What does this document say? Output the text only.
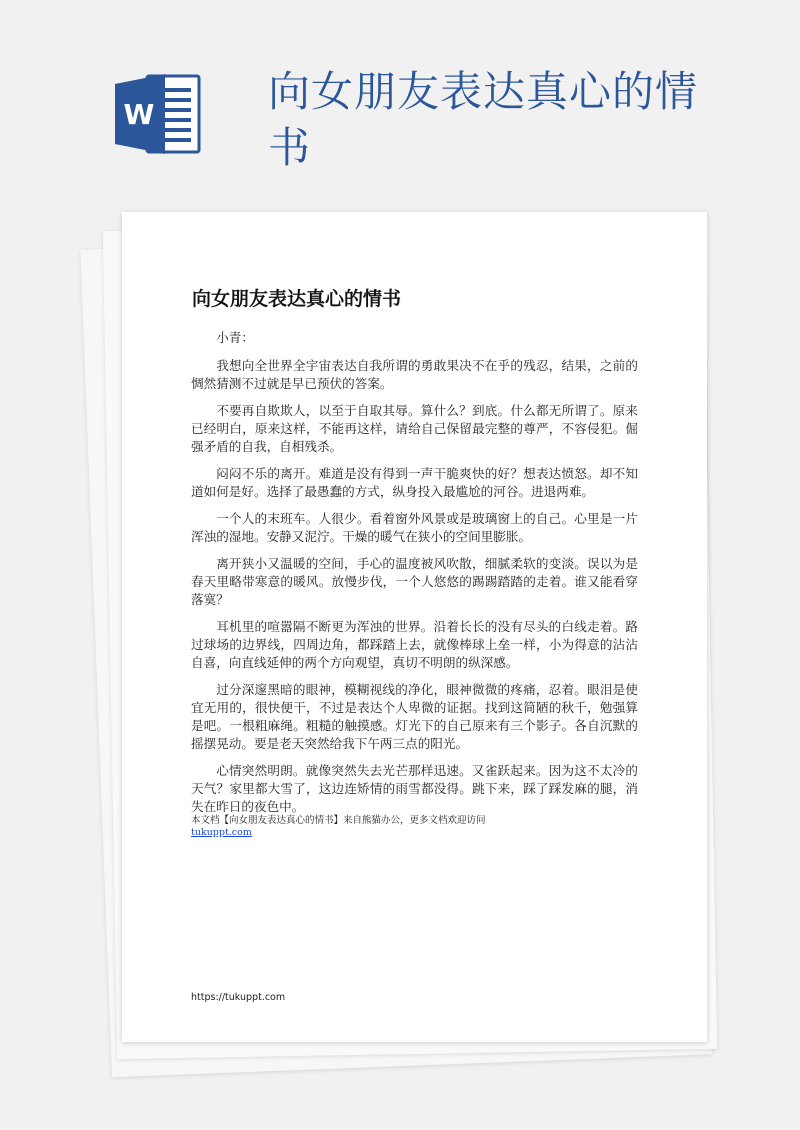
W	向女朋友表达真心的情书
向女朋友表达真心的情书

小青：

我想向全世界全宇宙表达自我所谓的勇敢果决不在乎的残忍，结果，之前的惆然猜测不过就是早已预伏的答案。

不要再自欺欺人，以至于自取其辱。算什么？到底。什么都无所谓了。原来已经明白，原来这样，不能再这样，请给自己保留最完整的尊严，不容侵犯。倔强矛盾的自我，自相残杀。

闷闷不乐的离开。难道是没有得到一声干脆爽快的好？想表达愤怒。却不知道如何是好。选择了最愚蠢的方式，纵身投入最尴尬的河谷。进退两难。

一个人的末班车。人很少。看着窗外风景或是玻璃窗上的自己。心里是一片浑浊的湿地。安静又泥泞。干燥的暖气在狭小的空间里膨胀。

离开狭小又温暖的空间，手心的温度被风吹散，细腻柔软的变淡。误以为是春天里略带寒意的暖风。放慢步伐，一个人悠悠的踢踢踏踏的走着。谁又能看穿落寞？

耳机里的喧嚣隔不断更为浑浊的世界。沿着长长的没有尽头的白线走着。路过球场的边界线，四周边角，都踩踏上去，就像棒球上垒一样，小为得意的沾沾自喜，向直线延伸的两个方向观望，真切不明朗的纵深感。

过分深邃黑暗的眼神，模糊视线的净化，眼神微微的疼痛，忍着。眼泪是使宜无用的，很快便干，不过是表达个人卑微的证据。找到这简陋的秋千，勉强算是吧。一根粗麻绳。粗糙的触摸感。灯光下的自己原来有三个影子。各自沉默的摇摆晃动。要是老天突然给我下午两三点的阳光。

心情突然明朗。就像突然失去光芒那样迅速。又雀跃起来。因为这不太冷的天气？家里都大雪了，这边连矫情的雨雪都没得。跳下来，踩了踩发麻的腿，消失在昨日的夜色中。

本文档【向女朋友表达真心的情书】来自熊猫办公，更多文档欢迎访问
tukuppt.com
https://tukuppt.com
